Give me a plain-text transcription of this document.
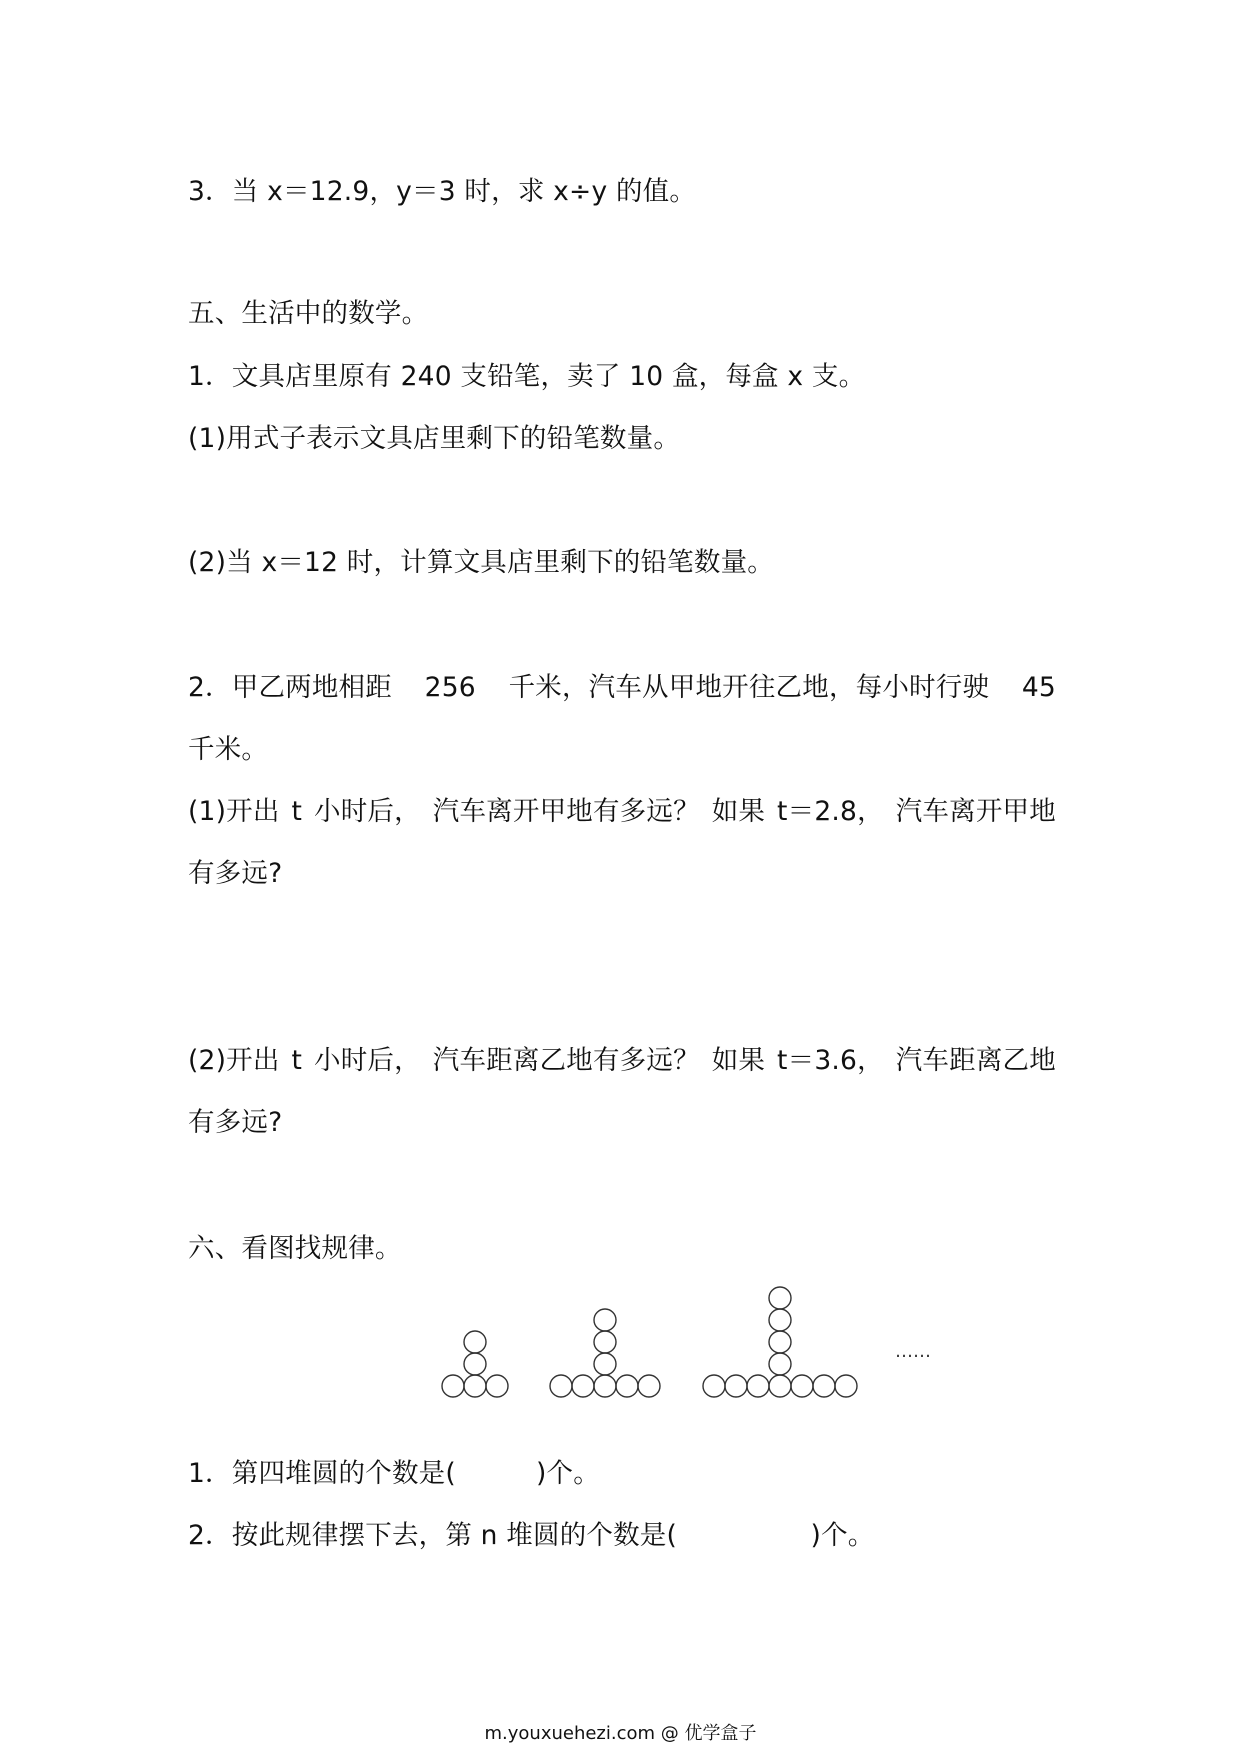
3．当 x＝12.9，y＝3 时，求 x÷y 的值。

五、生活中的数学。

1．文具店里原有 240 支铅笔，卖了 10 盒，每盒 x 支。

(1)用式子表示文具店里剩下的铅笔数量。

(2)当 x＝12 时，计算文具店里剩下的铅笔数量。

2．甲乙两地相距 256 千米，汽车从甲地开往乙地，每小时行驶 45

千米。

(1)开出 t 小时后， 汽车离开甲地有多远？ 如果 t＝2.8， 汽车离开甲地

有多远?

(2)开出 t 小时后， 汽车距离乙地有多远？ 如果 t＝3.6， 汽车距离乙地

有多远?

六、看图找规律。

……

1．第四堆圆的个数是(　　　)个。

2．按此规律摆下去，第 n 堆圆的个数是(　　　　　)个。

m.youxuehezi.com @ 优学盒子
